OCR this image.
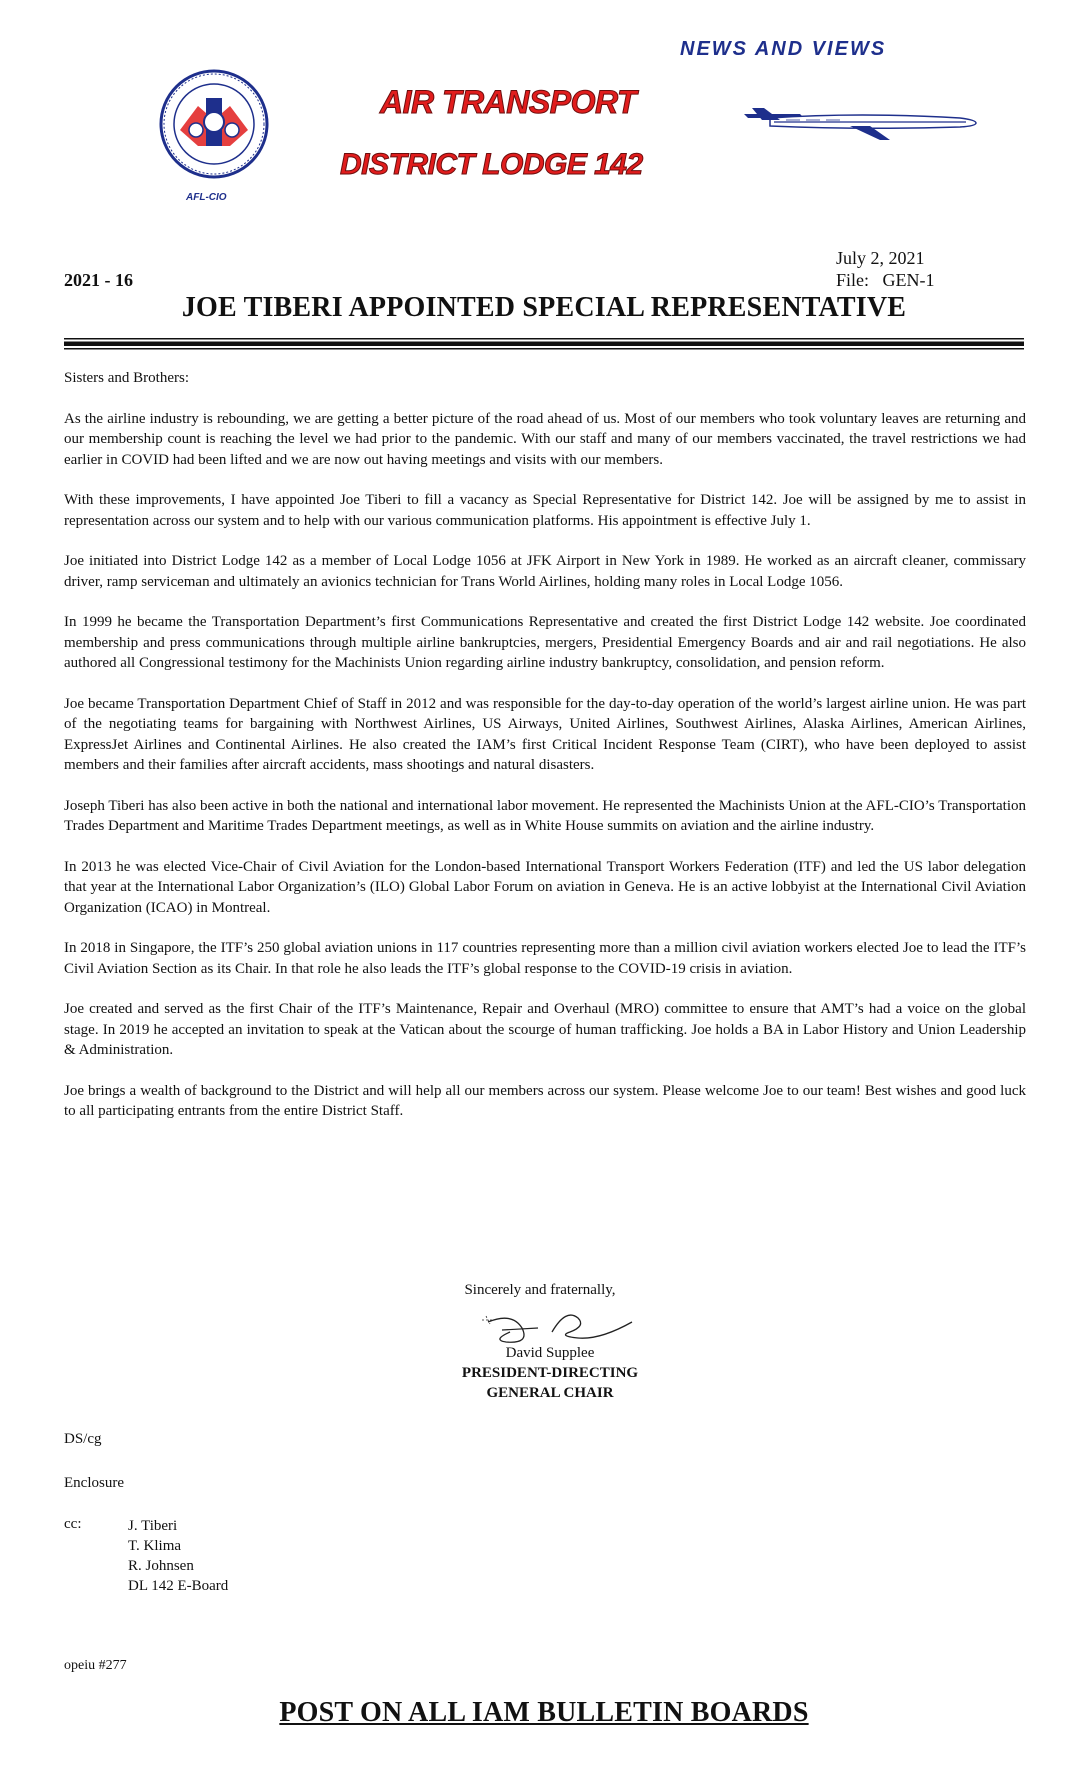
NEWS AND VIEWS
AFL-CIO
AIR TRANSPORT
DISTRICT LODGE 142
July 2, 2021
2021 - 16	File:   GEN-1
JOE TIBERI APPOINTED SPECIAL REPRESENTATIVE

Sisters and Brothers:

As the airline industry is rebounding, we are getting a better picture of the road ahead of us. Most of our members who took voluntary leaves are returning and our membership count is reaching the level we had prior to the pandemic. With our staff and many of our members vaccinated, the travel restrictions we had earlier in COVID had been lifted and we are now out having meetings and visits with our members.

With these improvements, I have appointed Joe Tiberi to fill a vacancy as Special Representative for District 142. Joe will be assigned by me to assist in representation across our system and to help with our various communication platforms. His appointment is effective July 1.

Joe initiated into District Lodge 142 as a member of Local Lodge 1056 at JFK Airport in New York in 1989. He worked as an aircraft cleaner, commissary driver, ramp serviceman and ultimately an avionics technician for Trans World Airlines, holding many roles in Local Lodge 1056.

In 1999 he became the Transportation Department’s first Communications Representative and created the first District Lodge 142 website. Joe coordinated membership and press communications through multiple airline bankruptcies, mergers, Presidential Emergency Boards and air and rail negotiations. He also authored all Congressional testimony for the Machinists Union regarding airline industry bankruptcy, consolidation, and pension reform.

Joe became Transportation Department Chief of Staff in 2012 and was responsible for the day-to-day operation of the world’s largest airline union. He was part of the negotiating teams for bargaining with Northwest Airlines, US Airways, United Airlines, Southwest Airlines, Alaska Airlines, American Airlines, ExpressJet Airlines and Continental Airlines. He also created the IAM’s first Critical Incident Response Team (CIRT), who have been deployed to assist members and their families after aircraft accidents, mass shootings and natural disasters.

Joseph Tiberi has also been active in both the national and international labor movement. He represented the Machinists Union at the AFL-CIO’s Transportation Trades Department and Maritime Trades Department meetings, as well as in White House summits on aviation and the airline industry.

In 2013 he was elected Vice-Chair of Civil Aviation for the London-based International Transport Workers Federation (ITF) and led the US labor delegation that year at the International Labor Organization’s (ILO) Global Labor Forum on aviation in Geneva. He is an active lobbyist at the International Civil Aviation Organization (ICAO) in Montreal.

In 2018 in Singapore, the ITF’s 250 global aviation unions in 117 countries representing more than a million civil aviation workers elected Joe to lead the ITF’s Civil Aviation Section as its Chair. In that role he also leads the ITF’s global response to the COVID-19 crisis in aviation.

Joe created and served as the first Chair of the ITF’s Maintenance, Repair and Overhaul (MRO) committee to ensure that AMT’s had a voice on the global stage. In 2019 he accepted an invitation to speak at the Vatican about the scourge of human trafficking. Joe holds a BA in Labor History and Union Leadership & Administration.

Joe brings a wealth of background to the District and will help all our members across our system. Please welcome Joe to our team! Best wishes and good luck to all participating entrants from the entire District Staff.

Sincerely and fraternally,
David Supplee
PRESIDENT-DIRECTING
GENERAL CHAIR
DS/cg
Enclosure
cc:	J. Tiberi
T. Klima
R. Johnsen
DL 142 E-Board
opeiu #277
POST ON ALL IAM BULLETIN BOARDS
